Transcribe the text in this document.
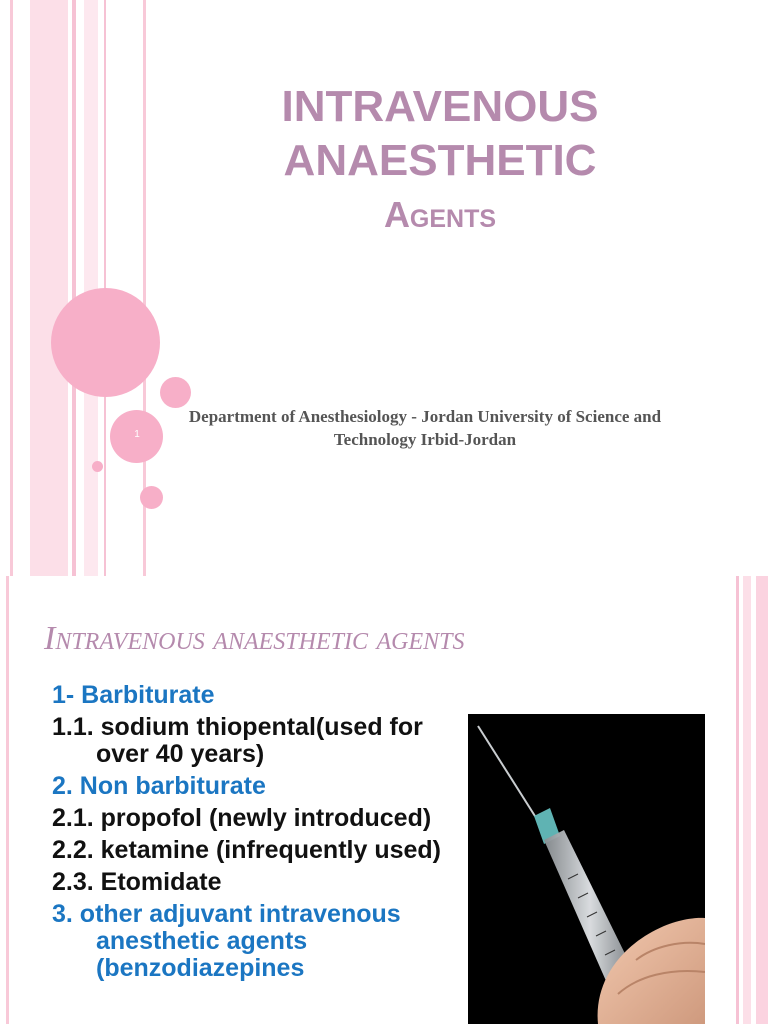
INTRAVENOUS
ANAESTHETIC
Agents
1
Department of Anesthesiology - Jordan University of Science and
Technology Irbid-Jordan
Intravenous anaesthetic agents
1- Barbiturate
1.1. sodium thiopental(used for over 40 years)
2. Non barbiturate
2.1. propofol (newly introduced)
2.2. ketamine (infrequently used)
2.3. Etomidate
3. other adjuvant intravenous anesthetic agents (benzodiazepines
